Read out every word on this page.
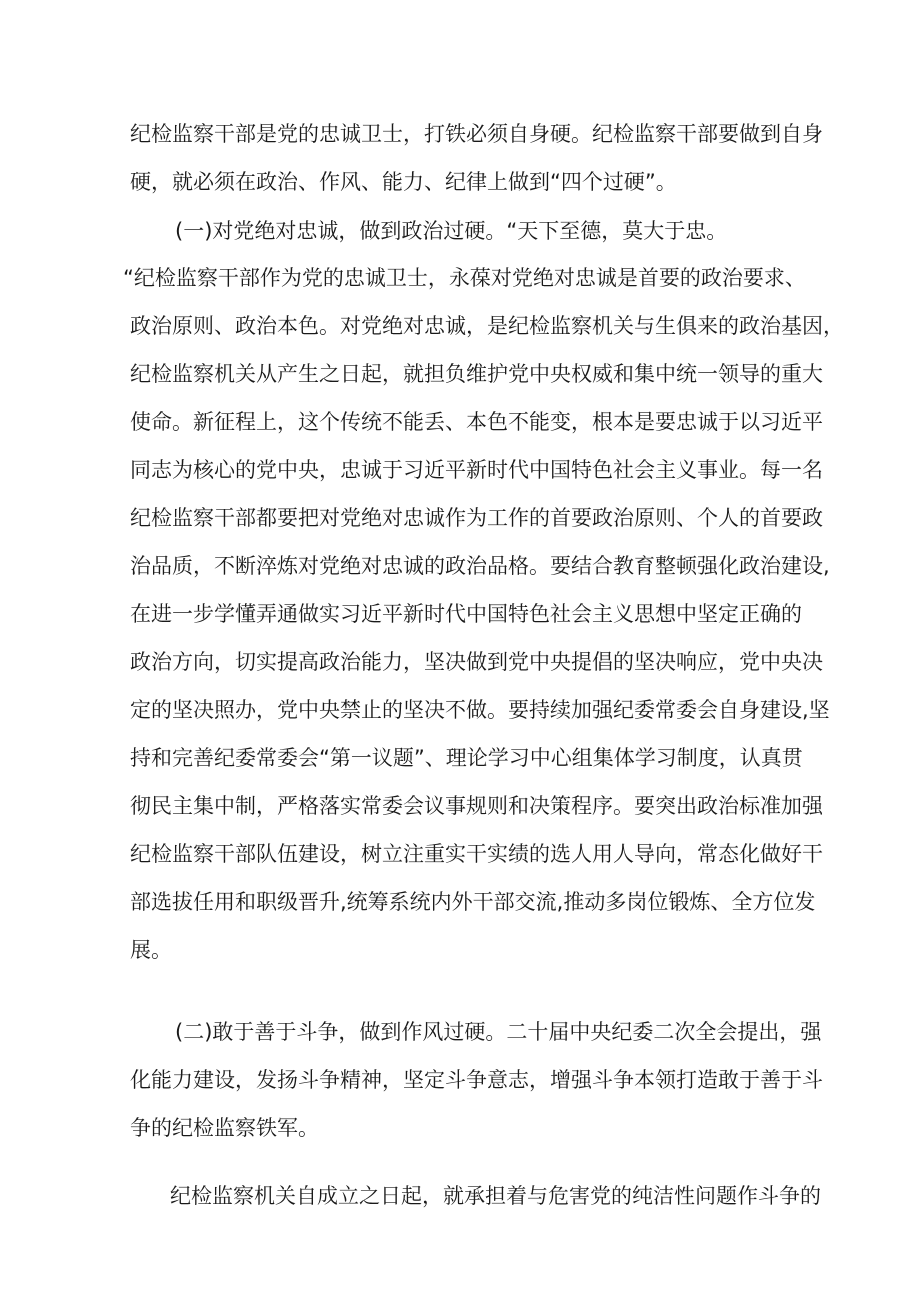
纪检监察干部是党的忠诚卫士，打铁必须自身硬。纪检监察干部要做到自身
硬，就必须在政治、作风、能力、纪律上做到“四个过硬”。
(一)对党绝对忠诚，做到政治过硬。“天下至德，莫大于忠。
“纪检监察干部作为党的忠诚卫士，永葆对党绝对忠诚是首要的政治要求、
政治原则、政治本色。对党绝对忠诚，是纪检监察机关与生俱来的政治基因，
纪检监察机关从产生之日起，就担负维护党中央权威和集中统一领导的重大
使命。新征程上，这个传统不能丢、本色不能变，根本是要忠诚于以习近平
同志为核心的党中央，忠诚于习近平新时代中国特色社会主义事业。每一名
纪检监察干部都要把对党绝对忠诚作为工作的首要政治原则、个人的首要政
治品质，不断淬炼对党绝对忠诚的政治品格。要结合教育整顿强化政治建设,
在进一步学懂弄通做实习近平新时代中国特色社会主义思想中坚定正确的
政治方向，切实提高政治能力，坚决做到党中央提倡的坚决响应，党中央决
定的坚决照办，党中央禁止的坚决不做。要持续加强纪委常委会自身建设,坚
持和完善纪委常委会“第一议题”、理论学习中心组集体学习制度，认真贯
彻民主集中制，严格落实常委会议事规则和决策程序。要突出政治标准加强
纪检监察干部队伍建设，树立注重实干实绩的选人用人导向，常态化做好干
部选拔任用和职级晋升,统筹系统内外干部交流,推动多岗位锻炼、全方位发
展。
(二)敢于善于斗争，做到作风过硬。二十届中央纪委二次全会提出，强
化能力建设，发扬斗争精神，坚定斗争意志，增强斗争本领打造敢于善于斗
争的纪检监察铁军。
纪检监察机关自成立之日起，就承担着与危害党的纯洁性问题作斗争的
